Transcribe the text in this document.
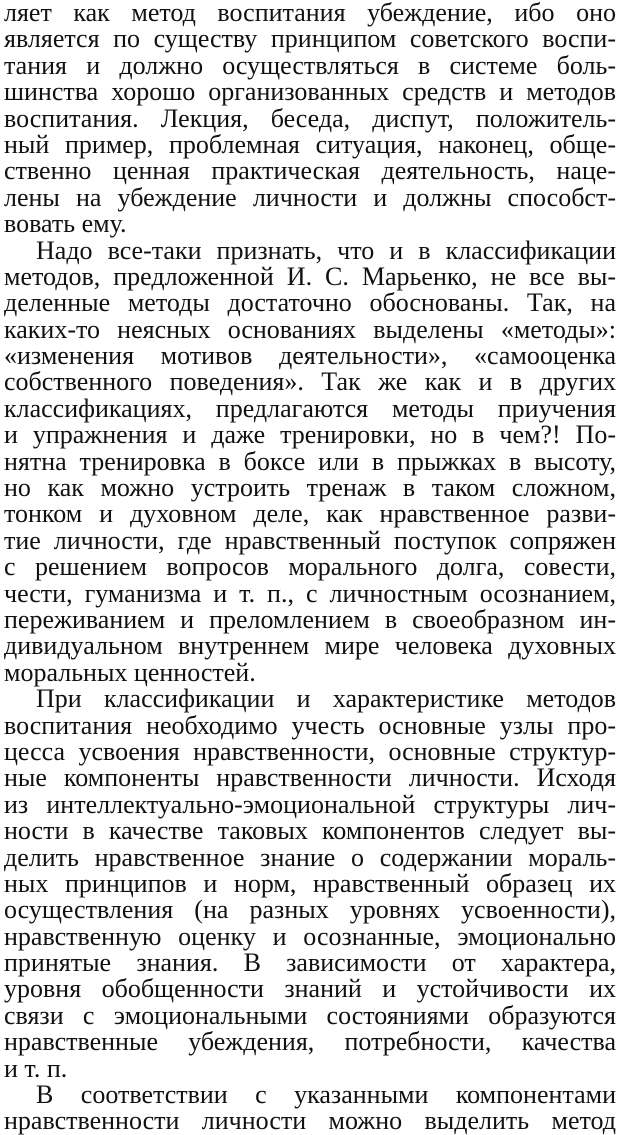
ляет как метод воспитания убеждение, ибо оно
является по существу принципом советского воспи-
тания и должно осуществляться в системе боль-
шинства хорошо организованных средств и методов
воспитания. Лекция, беседа, диспут, положитель-
ный пример, проблемная ситуация, наконец, обще-
ственно ценная практическая деятельность, наце-
лены на убеждение личности и должны способст-
вовать ему.
Надо все-таки признать, что и в классификации
методов, предложенной И. С. Марьенко, не все вы-
деленные методы достаточно обоснованы. Так, на
каких-то неясных основаниях выделены «методы»:
«изменения мотивов деятельности», «самооценка
собственного поведения». Так же как и в других
классификациях, предлагаются методы приучения
и упражнения и даже тренировки, но в чем?! По-
нятна тренировка в боксе или в прыжках в высоту,
но как можно устроить тренаж в таком сложном,
тонком и духовном деле, как нравственное разви-
тие личности, где нравственный поступок сопряжен
с решением вопросов морального долга, совести,
чести, гуманизма и т. п., с личностным осознанием,
переживанием и преломлением в своеобразном ин-
дивидуальном внутреннем мире человека духовных
моральных ценностей.
При классификации и характеристике методов
воспитания необходимо учесть основные узлы про-
цесса усвоения нравственности, основные структур-
ные компоненты нравственности личности. Исходя
из интеллектуально-эмоциональной структуры лич-
ности в качестве таковых компонентов следует вы-
делить нравственное знание о содержании мораль-
ных принципов и норм, нравственный образец их
осуществления (на разных уровнях усвоенности),
нравственную оценку и осознанные, эмоционально
принятые знания. В зависимости от характера,
уровня обобщенности знаний и устойчивости их
связи с эмоциональными состояниями образуются
нравственные убеждения, потребности, качества
и т. п.
В соответствии с указанными компонентами
нравственности личности можно выделить метод
